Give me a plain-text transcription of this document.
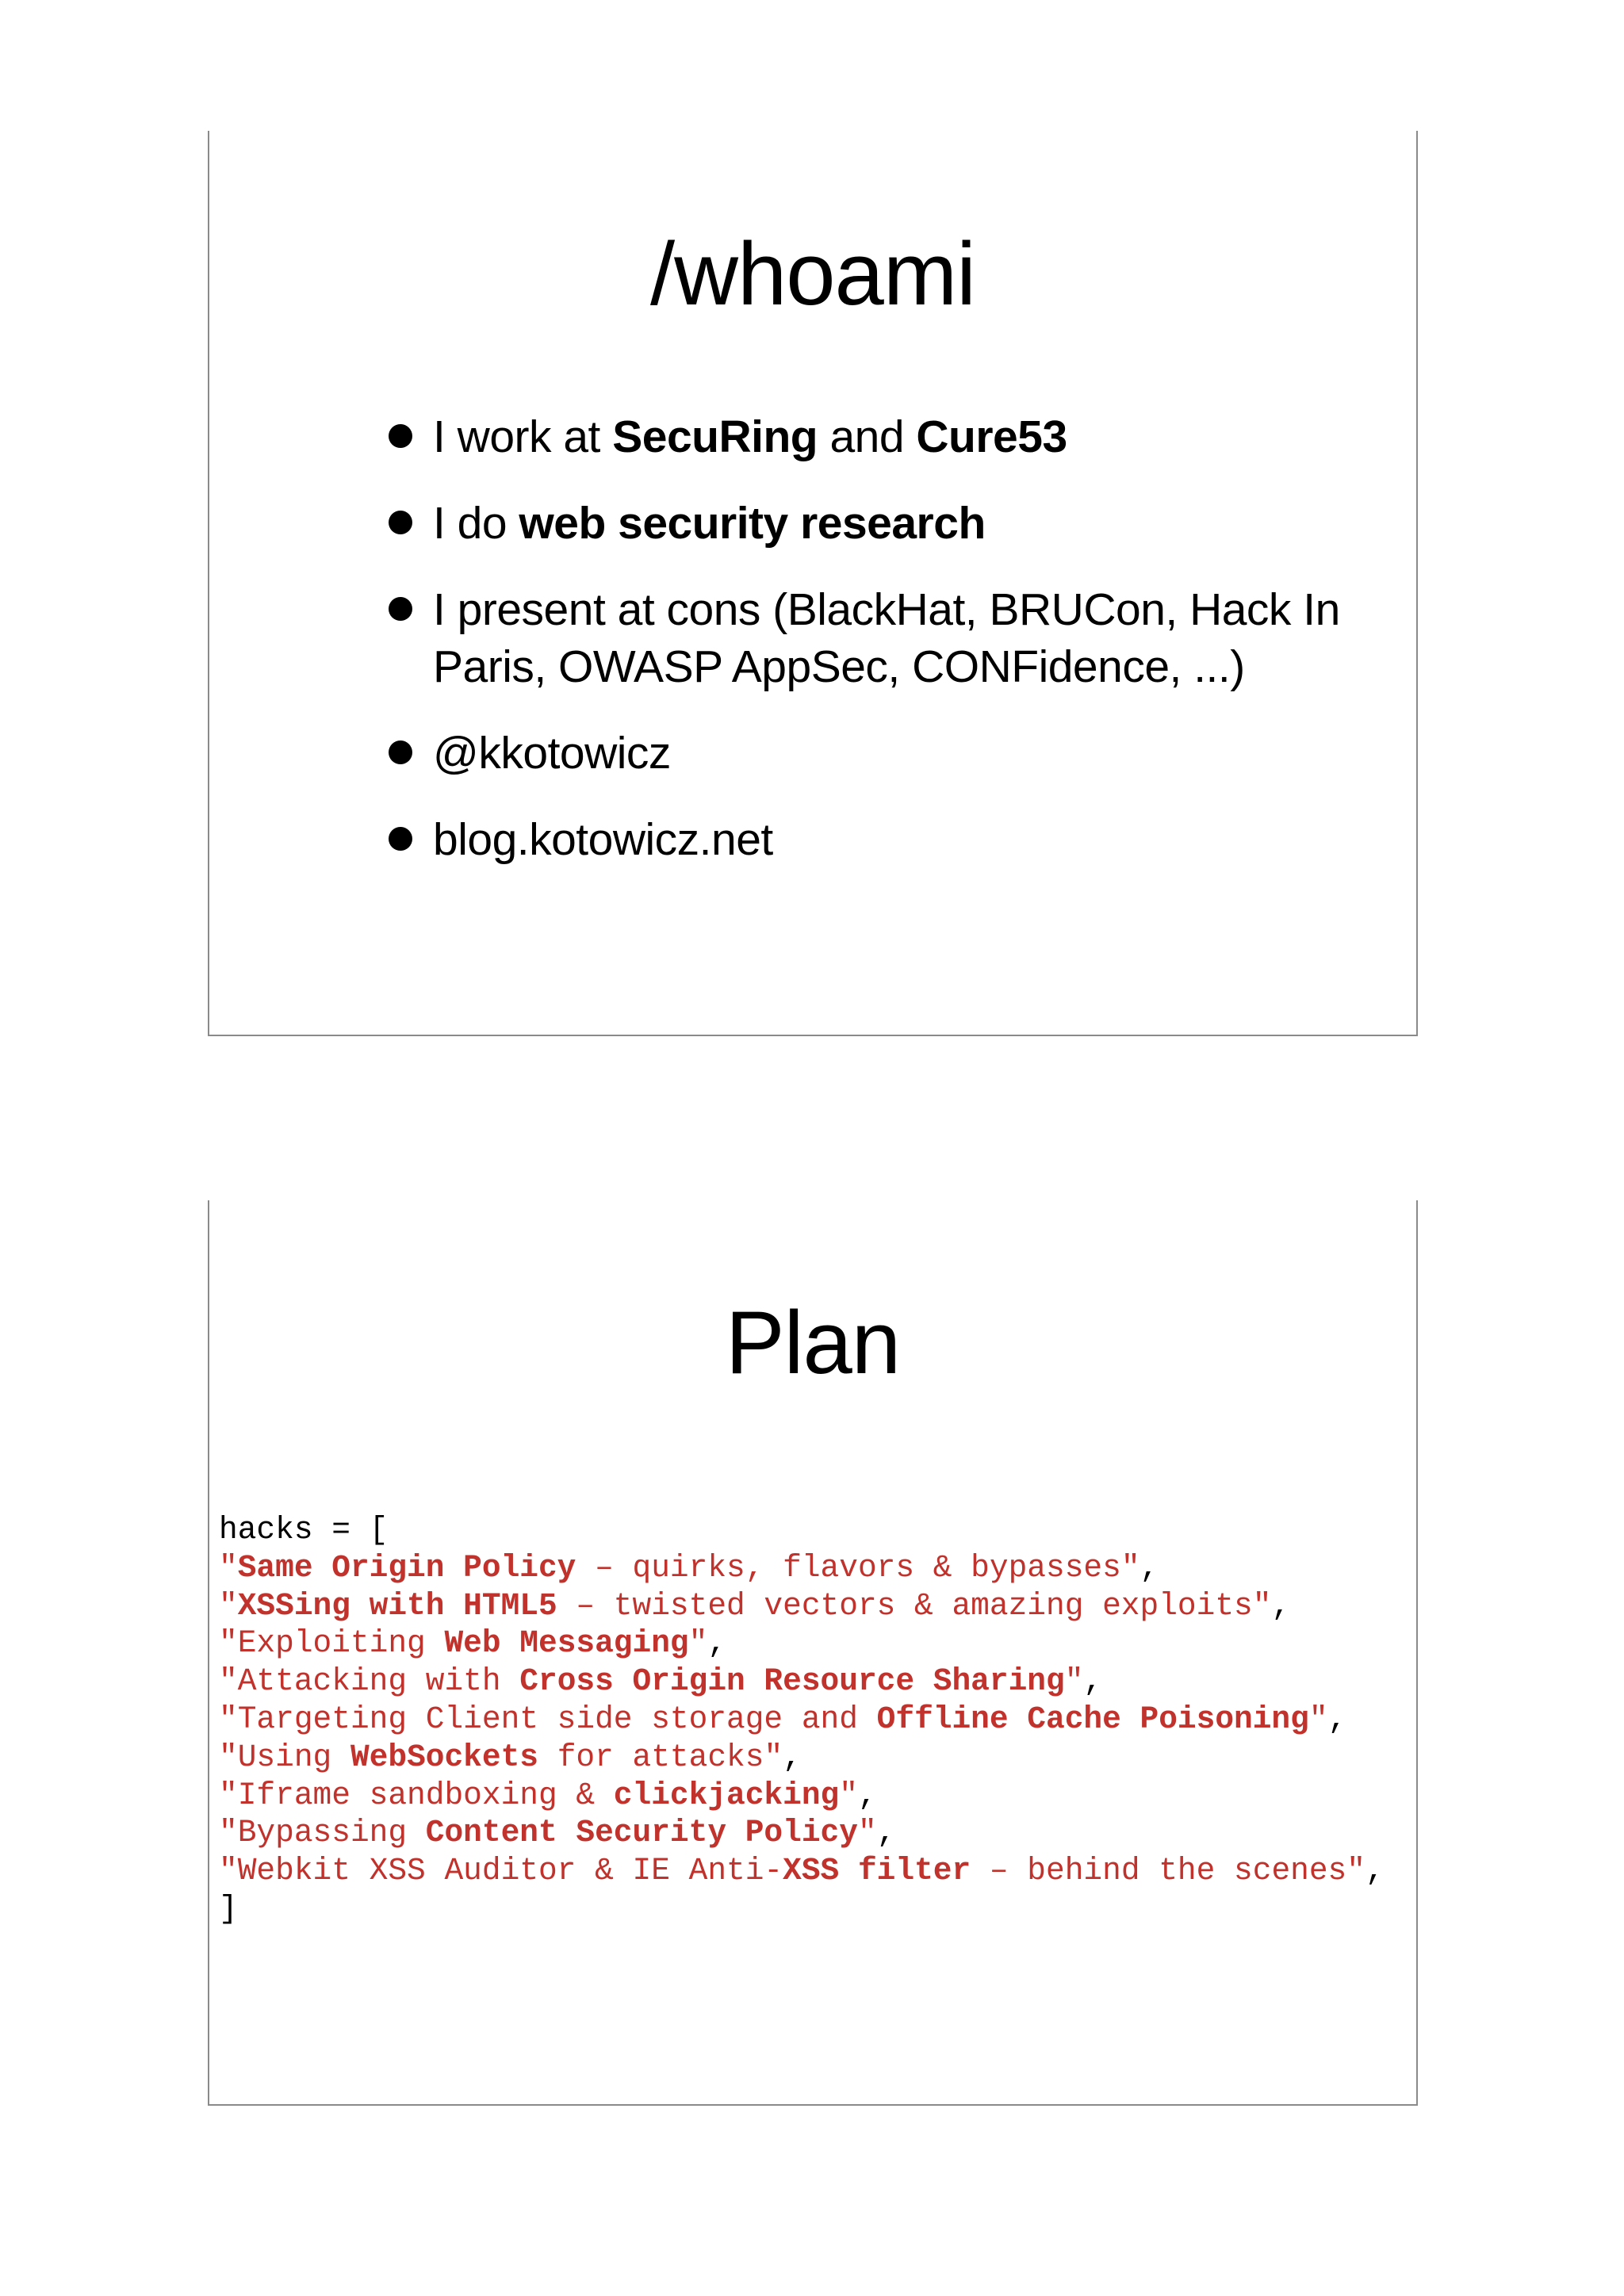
/whoami
I work at SecuRing and Cure53
I do web security research
I present at cons (BlackHat, BRUCon, Hack In Paris, OWASP AppSec, CONFidence, ...)
@kkotowicz
blog.kotowicz.net
Plan
hacks = [
"Same Origin Policy – quirks, flavors & bypasses",
"XSSing with HTML5 – twisted vectors & amazing exploits",
"Exploiting Web Messaging",
"Attacking with Cross Origin Resource Sharing",
"Targeting Client side storage and Offline Cache Poisoning",
"Using WebSockets for attacks",
"Iframe sandboxing & clickjacking",
"Bypassing Content Security Policy",
"Webkit XSS Auditor & IE Anti-XSS filter – behind the scenes",
]
